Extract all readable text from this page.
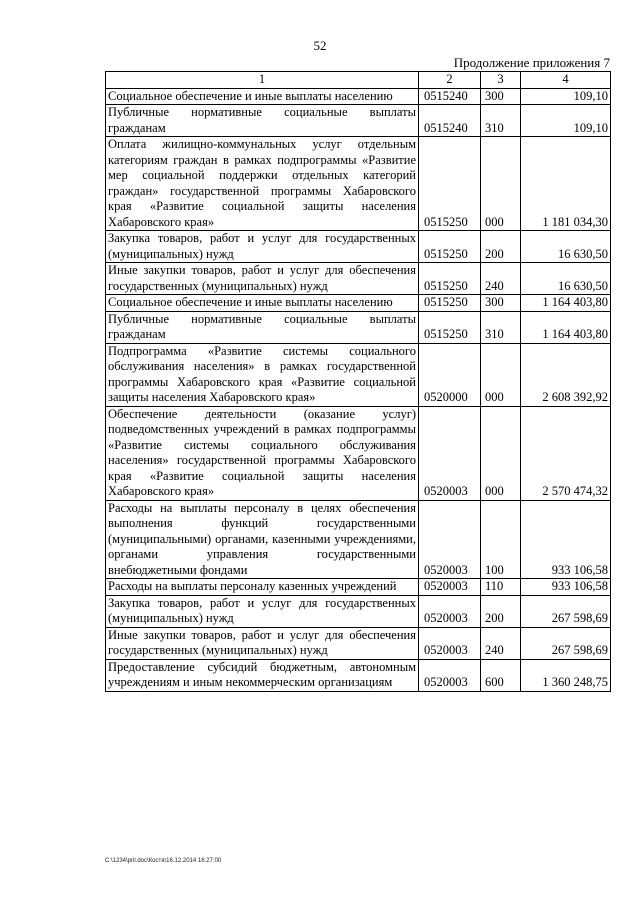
52
Продолжение приложения 7
1	2	3	4
Социальное обеспечение и иные выплаты населению	0515240	300	109,10
Публичные нормативные социальные выплаты гражданам	0515240	310	109,10
Оплата жилищно-коммунальных услуг отдельным категориям граждан в рамках подпрограммы «Развитие мер социальной поддержки отдельных категорий граждан» государственной программы Хабаровского края «Развитие социальной защиты населения Хабаровского края»	0515250	000	1 181 034,30
Закупка товаров, работ и услуг для государственных (муниципальных) нужд	0515250	200	16 630,50
Иные закупки товаров, работ и услуг для обеспечения государственных (муниципальных) нужд	0515250	240	16 630,50
Социальное обеспечение и иные выплаты населению	0515250	300	1 164 403,80
Публичные нормативные социальные выплаты гражданам	0515250	310	1 164 403,80
Подпрограмма «Развитие системы социального обслуживания населения» в рамках государственной программы Хабаровского края «Развитие социальной защиты населения Хабаровского края»	0520000	000	2 608 392,92
Обеспечение деятельности (оказание услуг) подведомственных учреждений в рамках подпрограммы «Развитие системы социального обслуживания населения» государственной программы Хабаровского края «Развитие социальной защиты населения Хабаровского края»	0520003	000	2 570 474,32
Расходы на выплаты персоналу в целях обеспечения выполнения функций государственными (муниципальными) органами, казенными учреждениями, органами управления государственными внебюджетными фондами	0520003	100	933 106,58
Расходы на выплаты персоналу казенных учреждений	0520003	110	933 106,58
Закупка товаров, работ и услуг для государственных (муниципальных) нужд	0520003	200	267 598,69
Иные закупки товаров, работ и услуг для обеспечения государственных (муниципальных) нужд	0520003	240	267 598,69
Предоставление субсидий бюджетным, автономным учреждениям и иным некоммерческим организациям	0520003	600	1 360 248,75
C:\1234\pril.doc\Костя\16.12.2014 16:27:00
